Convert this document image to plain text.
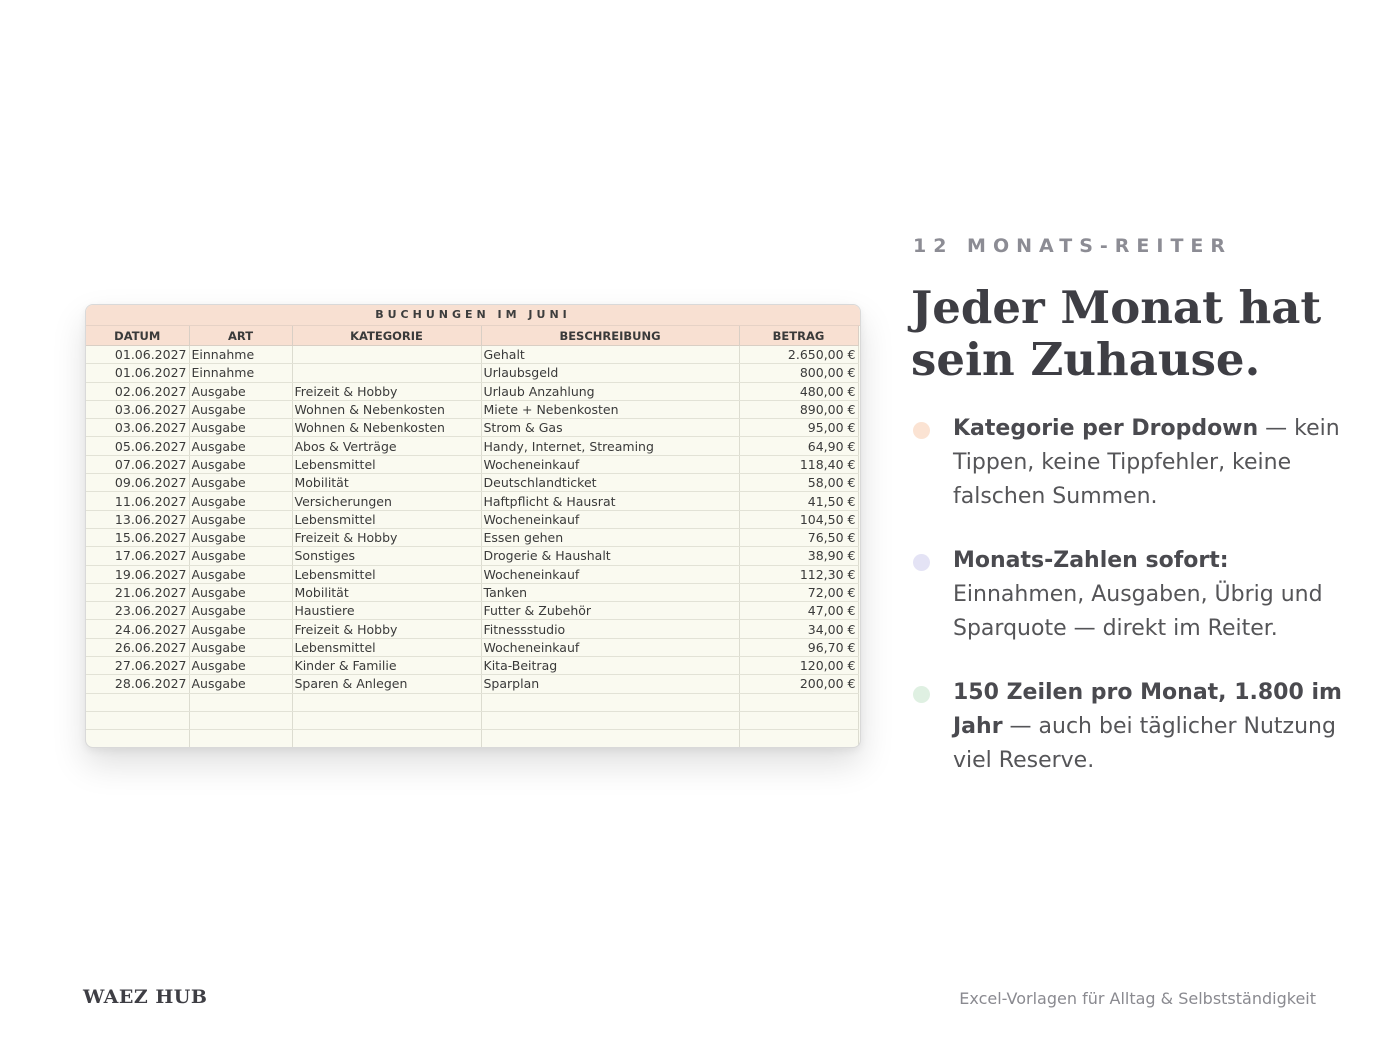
BUCHUNGEN IM JUNI
DATUM	ART	KATEGORIE	BESCHREIBUNG	BETRAG
01.06.2027	Einnahme		Gehalt	2.650,00 €
01.06.2027	Einnahme		Urlaubsgeld	800,00 €
02.06.2027	Ausgabe	Freizeit & Hobby	Urlaub Anzahlung	480,00 €
03.06.2027	Ausgabe	Wohnen & Nebenkosten	Miete + Nebenkosten	890,00 €
03.06.2027	Ausgabe	Wohnen & Nebenkosten	Strom & Gas	95,00 €
05.06.2027	Ausgabe	Abos & Verträge	Handy, Internet, Streaming	64,90 €
07.06.2027	Ausgabe	Lebensmittel	Wocheneinkauf	118,40 €
09.06.2027	Ausgabe	Mobilität	Deutschlandticket	58,00 €
11.06.2027	Ausgabe	Versicherungen	Haftpflicht & Hausrat	41,50 €
13.06.2027	Ausgabe	Lebensmittel	Wocheneinkauf	104,50 €
15.06.2027	Ausgabe	Freizeit & Hobby	Essen gehen	76,50 €
17.06.2027	Ausgabe	Sonstiges	Drogerie & Haushalt	38,90 €
19.06.2027	Ausgabe	Lebensmittel	Wocheneinkauf	112,30 €
21.06.2027	Ausgabe	Mobilität	Tanken	72,00 €
23.06.2027	Ausgabe	Haustiere	Futter & Zubehör	47,00 €
24.06.2027	Ausgabe	Freizeit & Hobby	Fitnessstudio	34,00 €
26.06.2027	Ausgabe	Lebensmittel	Wocheneinkauf	96,70 €
27.06.2027	Ausgabe	Kinder & Familie	Kita-Beitrag	120,00 €
28.06.2027	Ausgabe	Sparen & Anlegen	Sparplan	200,00 €

12 MONATS-REITER
Jeder Monat hat sein Zuhause.
Kategorie per Dropdown — kein Tippen, keine Tippfehler, keine falschen Summen.
Monats-Zahlen sofort: Einnahmen, Ausgaben, Übrig und Sparquote — direkt im Reiter.
150 Zeilen pro Monat, 1.800 im Jahr — auch bei täglicher Nutzung viel Reserve.
WAEZ HUB	Excel-Vorlagen für Alltag & Selbstständigkeit
